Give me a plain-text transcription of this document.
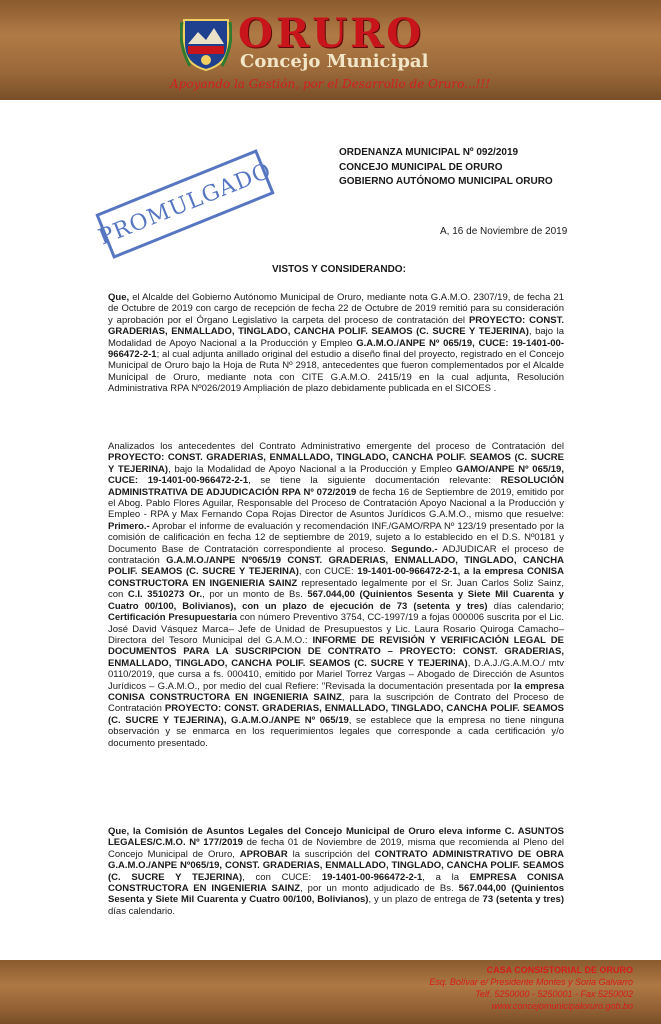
ORURO
Concejo Municipal
Apoyando la Gestión, por el Desarrollo de Oruro...!!!
PROMULGADO
ORDENANZA MUNICIPAL Nº 092/2019
CONCEJO MUNICIPAL DE ORURO
GOBIERNO AUTÓNOMO MUNICIPAL ORURO
A, 16 de Noviembre de 2019
VISTOS Y CONSIDERANDO:
Que, el Alcalde del Gobierno Autónomo Municipal de Oruro, mediante nota G.A.M.O. 2307/19, de fecha 21 de Octubre de 2019 con cargo de recepción de fecha 22 de Octubre de 2019 remitió para su consideración y aprobación por el Órgano Legislativo la carpeta del proceso de contratación del PROYECTO: CONST. GRADERIAS, ENMALLADO, TINGLADO, CANCHA POLIF. SEAMOS (C. SUCRE Y TEJERINA), bajo la Modalidad de Apoyo Nacional a la Producción y Empleo G.A.M.O./ANPE Nº 065/19, CUCE: 19-1401-00-966472-2-1; al cual adjunta anillado original del estudio a diseño final del proyecto, registrado en el Concejo Municipal de Oruro bajo la Hoja de Ruta Nº 2918, antecedentes que fueron complementados por el Alcalde Municipal de Oruro, mediante nota con CITE G.A.M.O. 2415/19 en la cual adjunta, Resolución Administrativa RPA Nº026/2019 Ampliación de plazo debidamente publicada en el SICOES .
Analizados los antecedentes del Contrato Administrativo emergente del proceso de Contratación del PROYECTO: CONST. GRADERIAS, ENMALLADO, TINGLADO, CANCHA POLIF. SEAMOS (C. SUCRE Y TEJERINA), bajo la Modalidad de Apoyo Nacional a la Producción y Empleo GAMO/ANPE Nº 065/19, CUCE: 19-1401-00-966472-2-1, se tiene la siguiente documentación relevante: RESOLUCIÓN ADMINISTRATIVA DE ADJUDICACIÓN RPA Nº 072/2019 de fecha 16 de Septiembre de 2019, emitido por el Abog. Pablo Flores Aguilar, Responsable del Proceso de Contratación Apoyo Nacional a la Producción y Empleo - RPA y Max Fernando Copa Rojas Director de Asuntos Jurídicos G.A.M.O., mismo que resuelve: Primero.- Aprobar el informe de evaluación y recomendación INF./GAMO/RPA Nº 123/19 presentado por la comisión de calificación en fecha 12 de septiembre de 2019, sujeto a lo establecido en el D.S. Nº0181 y Documento Base de Contratación correspondiente al proceso. Segundo.- ADJUDICAR el proceso de contratación G.A.M.O./ANPE Nº065/19 CONST. GRADERIAS, ENMALLADO, TINGLADO, CANCHA POLIF. SEAMOS (C. SUCRE Y TEJERINA), con CUCE: 19-1401-00-966472-2-1, a la empresa CONISA CONSTRUCTORA EN INGENIERIA SAINZ representado legalmente por el Sr. Juan Carlos Soliz Sainz, con C.I. 3510273 Or., por un monto de Bs. 567.044,00 (Quinientos Sesenta y Siete Mil Cuarenta y Cuatro 00/100, Bolivianos), con un plazo de ejecución de 73 (setenta y tres) días calendario; Certificación Presupuestaria con número Preventivo 3754, CC-1997/19 a fojas 000006 suscrita por el Lic. José David Vásquez Marca– Jefe de Unidad de Presupuestos y Lic. Laura Rosario Quiroga Camacho–Directora del Tesoro Municipal del G.A.M.O.: INFORME DE REVISIÓN Y VERIFICACIÓN LEGAL DE DOCUMENTOS PARA LA SUSCRIPCION DE CONTRATO – PROYECTO: CONST. GRADERIAS, ENMALLADO, TINGLADO, CANCHA POLIF. SEAMOS (C. SUCRE Y TEJERINA), D.A.J./G.A.M.O./ mtv 0110/2019, que cursa a fs. 000410, emitido por Mariel Torrez Vargas – Abogado de Dirección de Asuntos Jurídicos – G.A.M.O., por medio del cual Refiere: "Revisada la documentación presentada por la empresa CONISA CONSTRUCTORA EN INGENIERIA SAINZ, para la suscripción de Contrato del Proceso de Contratación PROYECTO: CONST. GRADERIAS, ENMALLADO, TINGLADO, CANCHA POLIF. SEAMOS (C. SUCRE Y TEJERINA), G.A.M.O./ANPE Nº 065/19, se establece que la empresa no tiene ninguna observación y se enmarca en los requerimientos legales que corresponde a cada certificación y/o documento presentado.
Que, la Comisión de Asuntos Legales del Concejo Municipal de Oruro eleva informe C. ASUNTOS LEGALES/C.M.O. Nº 177/2019 de fecha 01 de Noviembre de 2019, misma que recomienda al Pleno del Concejo Municipal de Oruro, APROBAR la suscripción del CONTRATO ADMINISTRATIVO DE OBRA G.A.M.O./ANPE Nº065/19, CONST. GRADERIAS, ENMALLADO, TINGLADO, CANCHA POLIF. SEAMOS (C. SUCRE Y TEJERINA), con CUCE: 19-1401-00-966472-2-1, a la EMPRESA CONISA CONSTRUCTORA EN INGENIERIA SAINZ, por un monto adjudicado de Bs. 567.044,00 (Quinientos Sesenta y Siete Mil Cuarenta y Cuatro 00/100, Bolivianos), y un plazo de entrega de 73 (setenta y tres) días calendario.
CASA CONSISTORIAL DE ORURO
Esq. Bolívar e/ Presidente Montes y Soria Galvarro
Telf. 5250000 - 5250001 - Fax 5250002
www.concejomunicipaloruro.gob.bo
